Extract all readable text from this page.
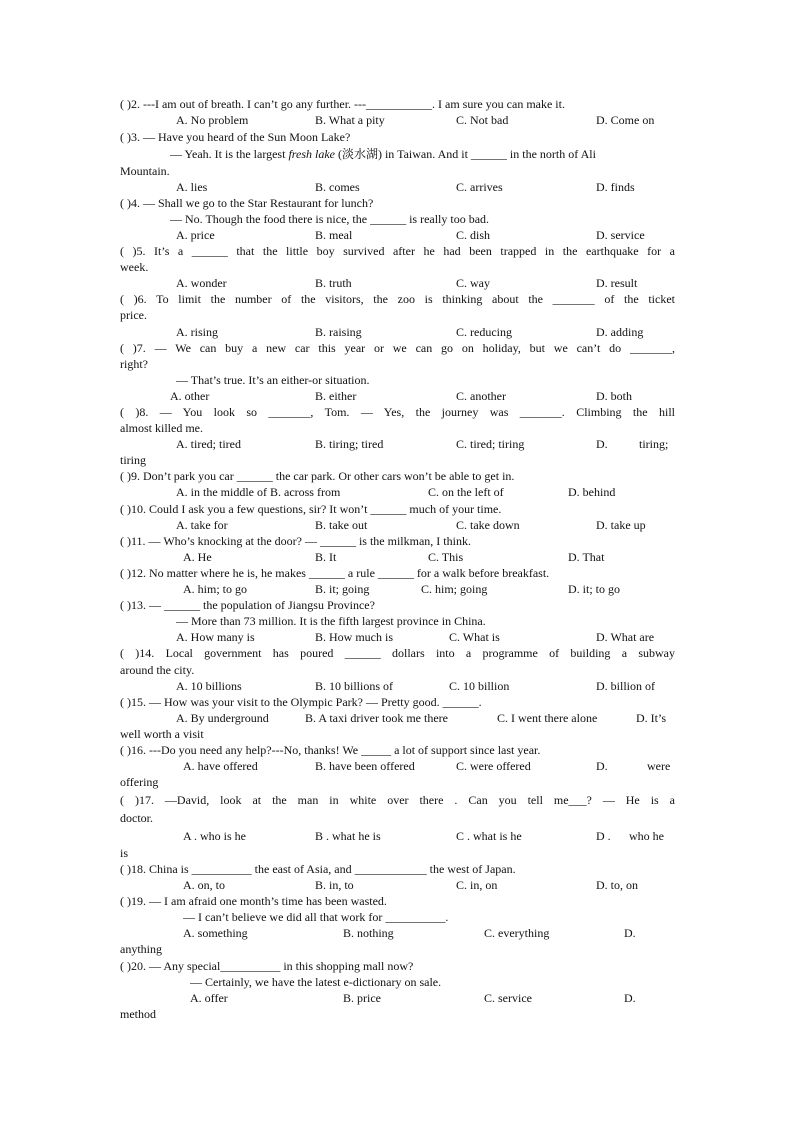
( )2. ---I am out of breath. I can’t go any further. ---___________. I am sure you can make it.
A. No problem	B. What a pity	C. Not bad	D. Come on
( )3. — Have you heard of the Sun Moon Lake?
— Yeah. It is the largest fresh lake (淡水湖) in Taiwan. And it ______ in the north of Ali
Mountain.
A. lies	B. comes	C. arrives	D. finds
( )4. — Shall we go to the Star Restaurant for lunch?
— No. Though the food there is nice, the ______ is really too bad.
A. price	B. meal	C. dish	D. service
( )5. It’s a ______ that the little boy survived after he had been trapped in the earthquake for a
week.
A. wonder	B. truth	C. way	D. result
( )6. To limit the number of the visitors, the zoo is thinking about the _______ of the ticket
price.
A. rising	B. raising	C. reducing	D. adding
( )7. — We can buy a new car this year or we can go on holiday, but we can’t do _______,
right?
— That’s true. It’s an either-or situation.
A. other	B. either	C. another	D. both
( )8. — You look so _______, Tom. — Yes, the journey was _______. Climbing the hill
almost killed me.
A. tired; tired	B. tiring; tired	C. tired; tiring	D.	tiring;
tiring
( )9. Don’t park you car ______ the car park. Or other cars won’t be able to get in.
A. in the middle of B. across from	C. on the left of	D. behind
( )10. Could I ask you a few questions, sir? It won’t ______ much of your time.
A. take for	B. take out	C. take down	D. take up
( )11. — Who’s knocking at the door? — ______ is the milkman, I think.
A. He	B. It	C. This	D. That
( )12. No matter where he is, he makes ______ a rule ______ for a walk before breakfast.
A. him; to go	B. it; going	C. him; going	D. it; to go
( )13. — ______ the population of Jiangsu Province?
— More than 73 million. It is the fifth largest province in China.
A. How many is	B. How much is	C. What is	D. What are
( )14. Local government has poured ______ dollars into a programme of building a subway
around the city.
A. 10 billions	B. 10 billions of	C. 10 billion	D. billion of
( )15. — How was your visit to the Olympic Park? — Pretty good. ______.
A. By underground	B. A taxi driver took me there	C. I went there alone	D. It’s
well worth a visit
( )16. ---Do you need any help?---No, thanks! We _____ a lot of support since last year.
A. have offered	B. have been offered	C. were offered	D.	were
offering
( )17. —David, look at the man in white over there . Can you tell me___? — He is a
doctor.
A . who is he	B . what he is	C . what is he	D . who he
is
( )18. China is __________ the east of Asia, and ____________ the west of Japan.
A. on, to	B. in, to	C. in, on	D. to, on
( )19. — I am afraid one month’s time has been wasted.
— I can’t believe we did all that work for __________.
A. something	B. nothing	C. everything	D.
anything
( )20. — Any special__________ in this shopping mall now?
— Certainly, we have the latest e-dictionary on sale.
A. offer	B. price	C. service	D.
method
